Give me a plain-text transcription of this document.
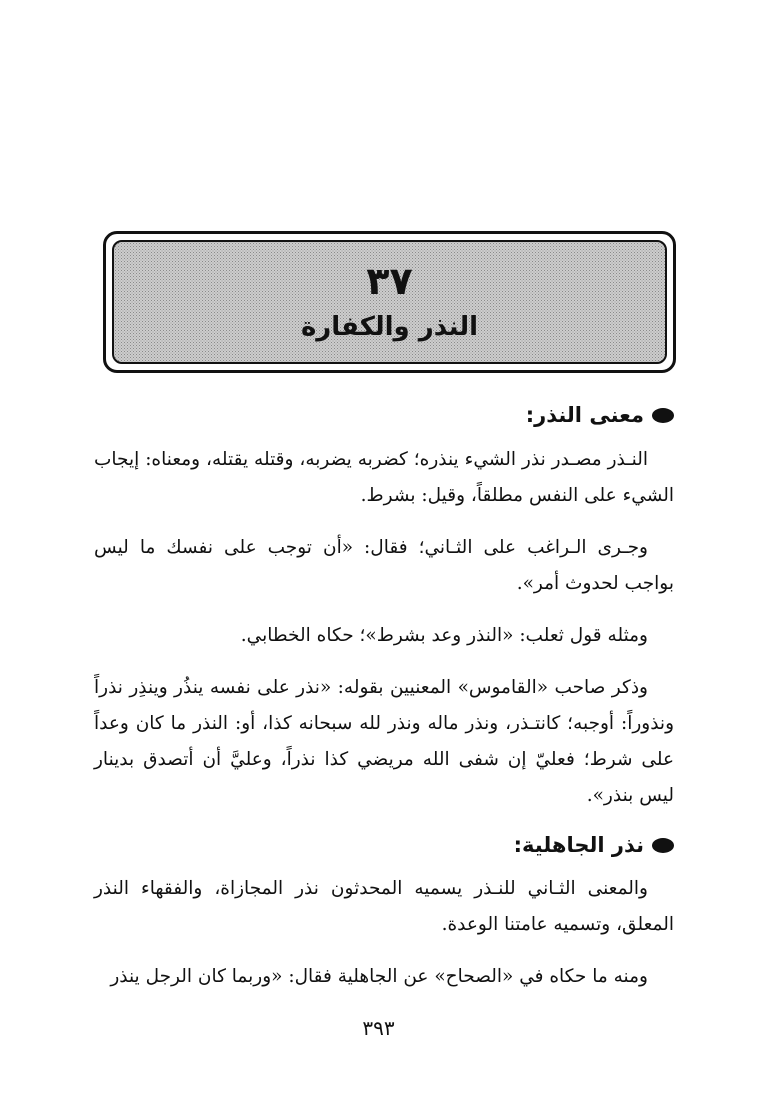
٣٧
النذر والكفارة
معنى النذر:

النـذر مصـدر نذر الشيء ينذره؛ كضربه يضربه، وقتله يقتله، ومعناه: إيجاب الشيء على النفس مطلقاً، وقيل: بشرط.

وجـرى الـراغب على الثـاني؛ فقال: «أن توجب على نفسك ما ليس بواجب لحدوث أمر».

ومثله قول ثعلب: «النذر وعد بشرط»؛ حكاه الخطابي.

وذكر صاحب «القاموس» المعنيين بقوله: «نذر على نفسه ينذُر وينذِر نذراً ونذوراً: أوجبه؛ كانتـذر، ونذر ماله ونذر لله سبحانه كذا، أو: النذر ما كان وعداً على شرط؛ فعليّ إن شفى الله مريضي كذا نذراً، وعليَّ أن أتصدق بدينار ليس بنذر».

نذر الجاهلية:

والمعنى الثـاني للنـذر يسميه المحدثون نذر المجازاة، والفقهاء النذر المعلق، وتسميه عامتنا الوعدة.

ومنه ما حكاه في «الصحاح» عن الجاهلية فقال: «وربما كان الرجل ينذر

٣٩٣
